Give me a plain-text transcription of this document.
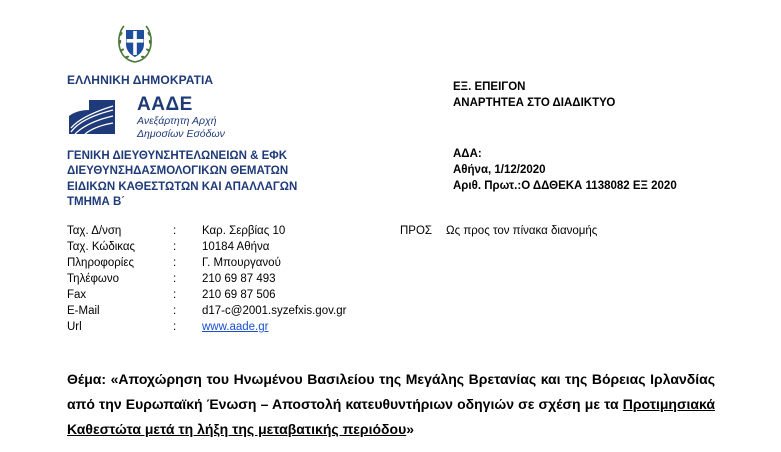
ΕΛΛΗΝΙΚΗ ΔΗΜΟΚΡΑΤΙΑ
ΑΑΔΕ
Ανεξάρτητη Αρχή
Δημοσίων Εσόδων
ΓΕΝΙΚΗ ΔΙΕΥΘΥΝΣΗΤΕΛΩΝΕΙΩΝ & ΕΦΚ
ΔΙΕΥΘΥΝΣΗΔΑΣΜΟΛΟΓΙΚΩΝ ΘΕΜΑΤΩΝ
ΕΙΔΙΚΩΝ ΚΑΘΕΣΤΩΤΩΝ ΚΑΙ ΑΠΑΛΛΑΓΩΝ
ΤΜΗΜΑ Β΄
ΕΞ. ΕΠΕΙΓΟΝ
ΑΝΑΡΤΗΤΕΑ ΣΤΟ ΔΙΑΔΙΚΤΥΟ
ΑΔΑ:
Αθήνα, 1/12/2020
Αριθ. Πρωτ.:Ο ΔΔΘΕΚΑ 1138082 ΕΞ 2020
Ταχ. Δ/νση	: Καρ. Σερβίας 10
Ταχ. Κώδικας	: 10184 Αθήνα
Πληροφορίες	: Γ. Μπουργανού
Τηλέφωνο	: 210 69 87 493
Fax	: 210 69 87 506
E-Mail	: d17-c@2001.syzefxis.gov.gr
Url	: www.aade.gr
ΠΡΟΣ Ως προς τον πίνακα διανομής
Θέμα: «Αποχώρηση του Ηνωμένου Βασιλείου της Μεγάλης Βρετανίας και της Βόρειας Ιρλανδίας από την Ευρωπαϊκή Ένωση – Αποστολή κατευθυντήριων οδηγιών σε σχέση με τα Προτιμησιακά Καθεστώτα μετά τη λήξη της μεταβατικής περιόδου»
